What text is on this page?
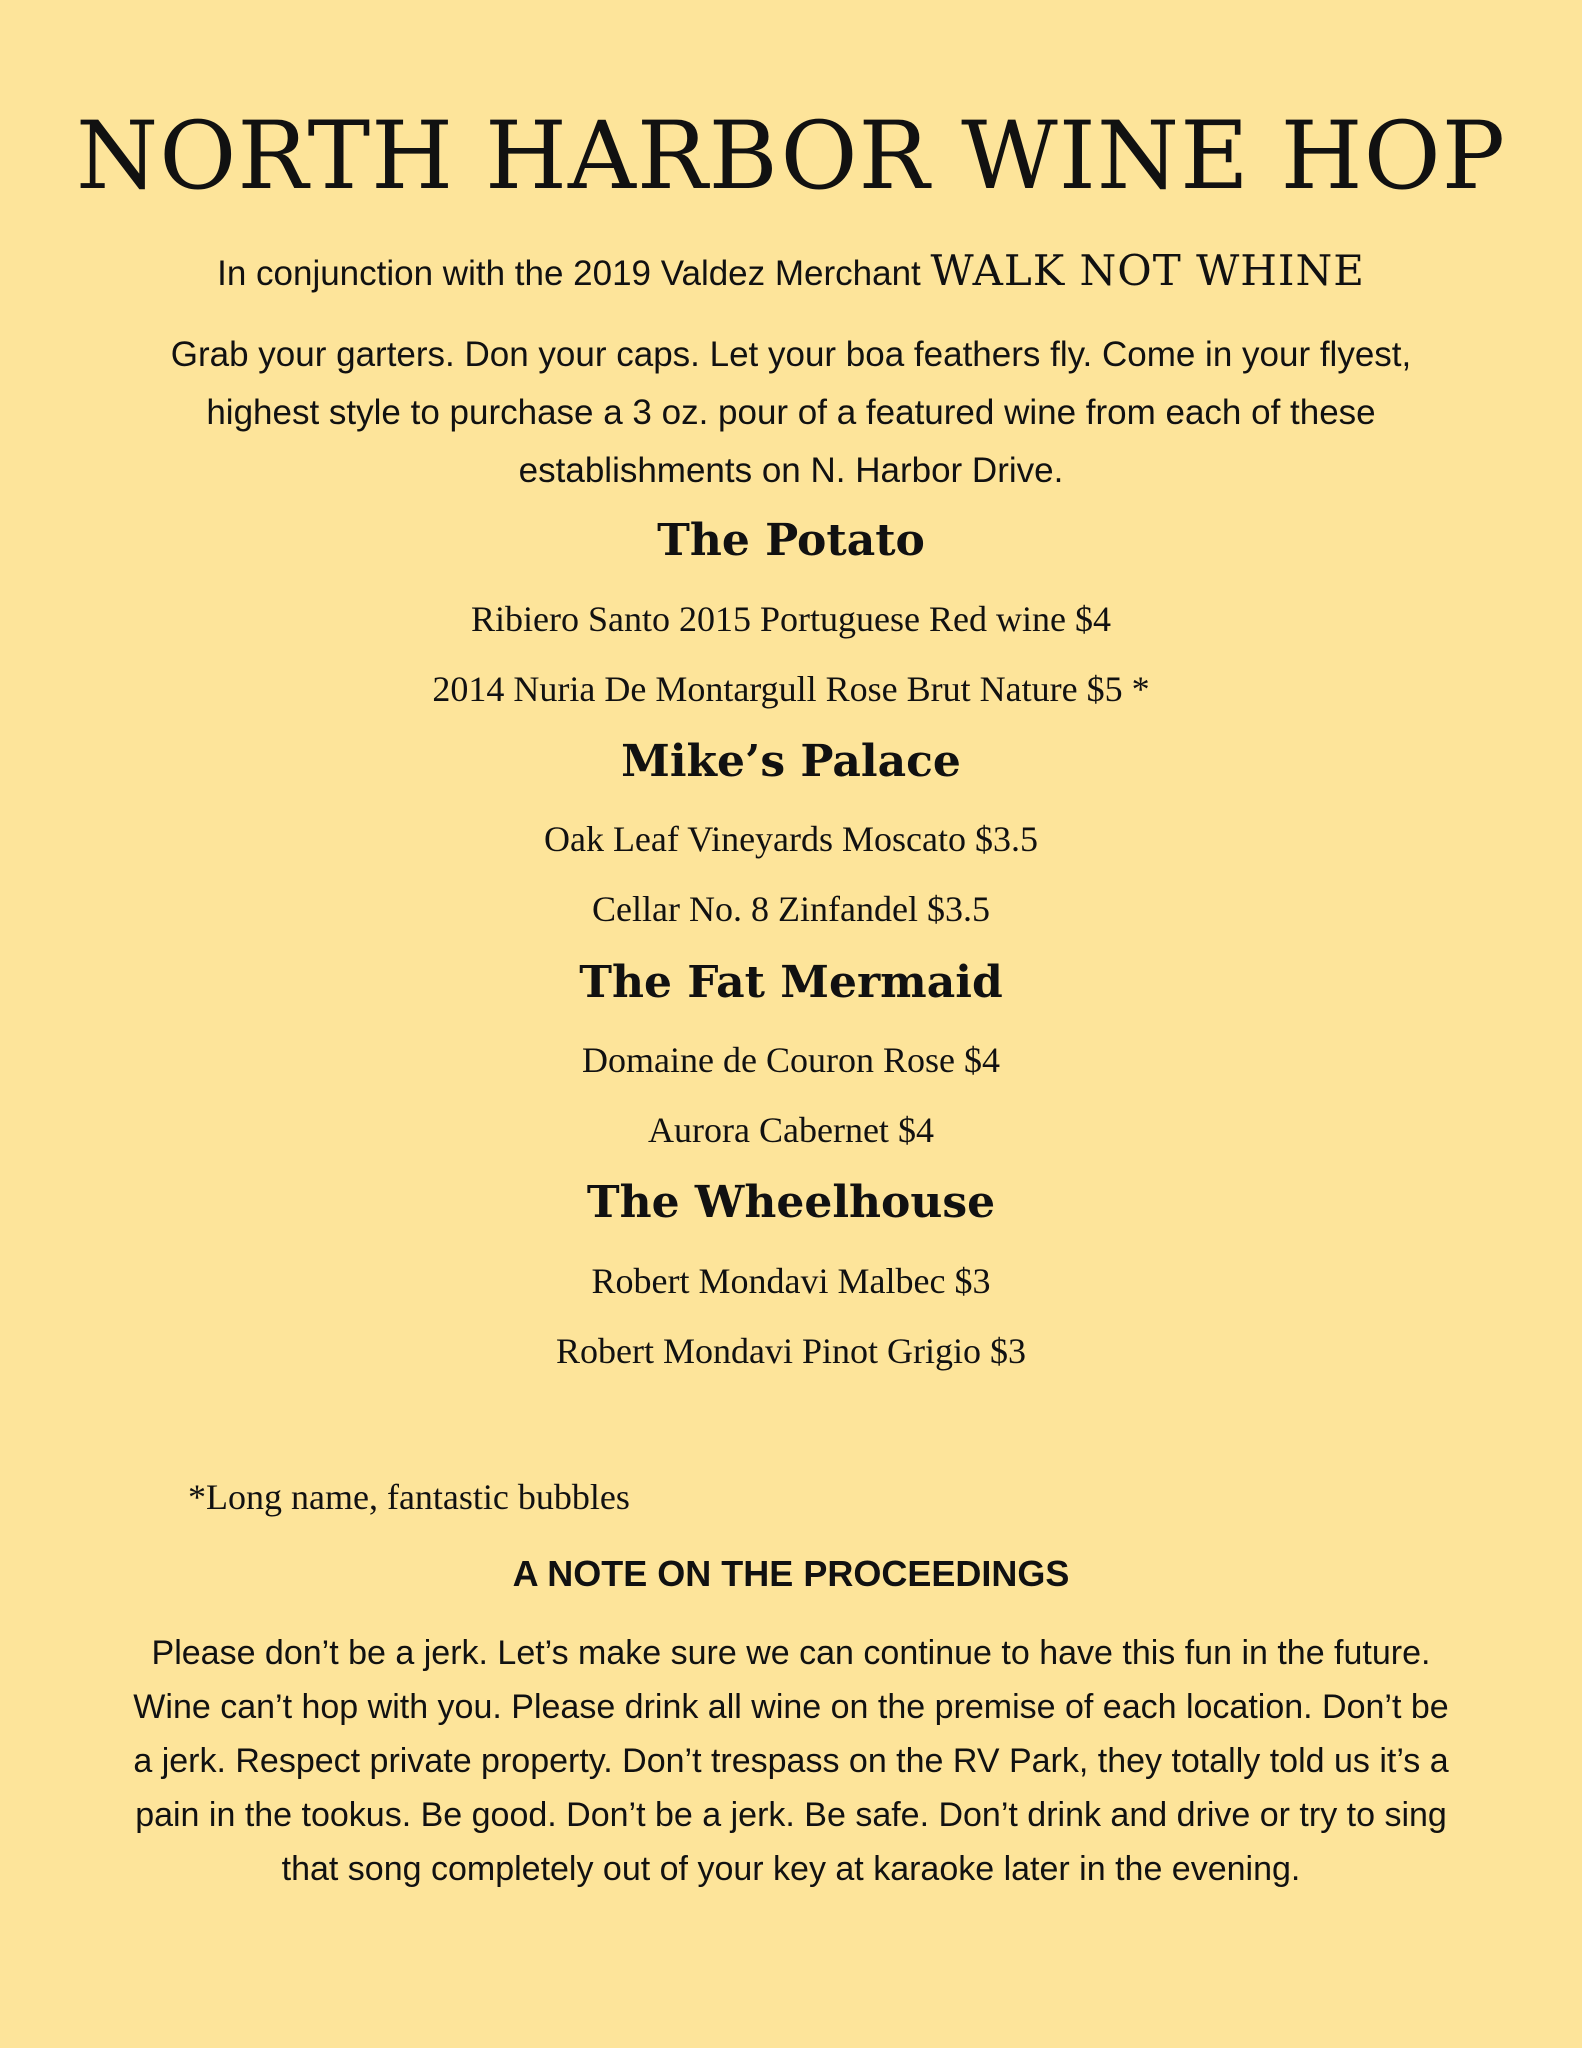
NORTH HARBOR WINE HOP
In conjunction with the 2019 Valdez Merchant WALK NOT WHINE

Grab your garters. Don your caps. Let your boa feathers fly. Come in your flyest, highest style to purchase a 3 oz. pour of a featured wine from each of these establishments on N. Harbor Drive.

The Potato
Ribiero Santo 2015 Portuguese Red wine $4
2014 Nuria De Montargull Rose Brut Nature $5 *
Mike’s Palace
Oak Leaf Vineyards Moscato $3.5
Cellar No. 8 Zinfandel $3.5
The Fat Mermaid
Domaine de Couron Rose $4
Aurora Cabernet $4
The Wheelhouse
Robert Mondavi Malbec $3
Robert Mondavi Pinot Grigio $3
*Long name, fantastic bubbles
A NOTE ON THE PROCEEDINGS

Please don’t be a jerk. Let’s make sure we can continue to have this fun in the future. Wine can’t hop with you. Please drink all wine on the premise of each location. Don’t be a jerk. Respect private property. Don’t trespass on the RV Park, they totally told us it’s a pain in the tookus. Be good. Don’t be a jerk. Be safe. Don’t drink and drive or try to sing that song completely out of your key at karaoke later in the evening.
